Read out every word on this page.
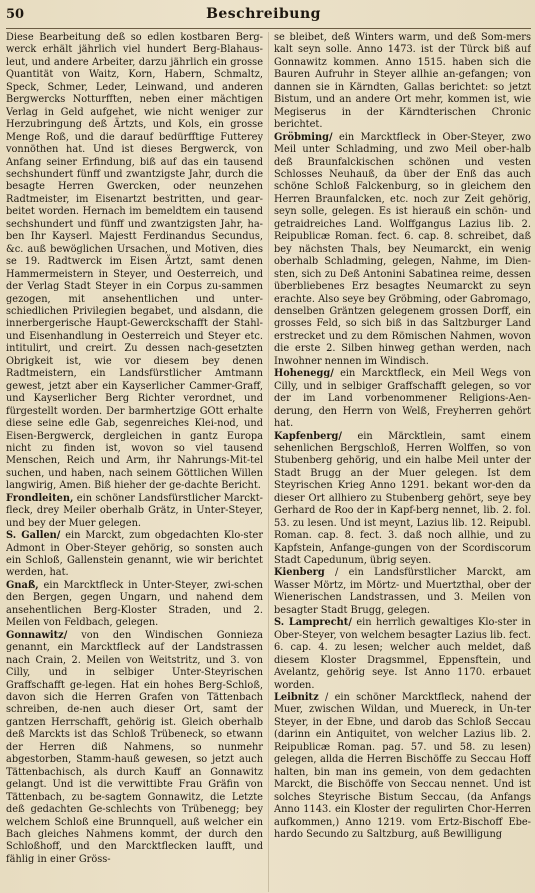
50	Beschreibung

Diese Bearbeitung deß so edlen kostbaren Berg-werck erhält jährlich viel hundert Berg-Blahaus-leut, und andere Arbeiter, darzu jährlich ein grosse Quantität von Waitz, Korn, Habern, Schmaltz, Speck, Schmer, Leder, Leinwand, und anderen Bergwercks Notturfften, neben einer mächtigen Verlag in Geld aufgehet, wie nicht weniger zur Herzubringung deß Ärtzts, und Kols, ein grosse Menge Roß, und die darauf bedürfftige Futterey vonnöthen hat. Und ist dieses Bergwerck, von Anfang seiner Erfindung, biß auf das ein tausend sechshundert fünff und zwantzigste Jahr, durch die besagte Herren Gwercken, oder neunzehen Radtmeister, im Eisenartzt bestritten, und gear-beitet worden. Hernach im bemeldtem ein tausend sechshundert und fünff und zwantzigsten Jahr, ha-ben Ihr Kayserl. Majestt Ferdinandus Secundus, &c. auß bewöglichen Ursachen, und Motiven, dies se 19. Radtwerck im Eisen Ärtzt, samt denen Hammermeistern in Steyer, und Oesterreich, und der Verlag Stadt Steyer in ein Corpus zu-sammen gezogen, mit ansehentlichen und unter-schiedlichen Privilegien begabet, und alsdann, die innerbergerische Haupt-Gewerckschafft der Stahl- und Eisenhandlung in Oesterreich und Steyer etc. intitulirt, und creirt. Zu dessen nach-gesetzten Obrigkeit ist, wie vor diesem bey denen Radtmeistern, ein Landsfürstlicher Amtmann gewest, jetzt aber ein Kayserlicher Cammer-Graff, und Kayserlicher Berg Richter verordnet, und fürgestellt worden. Der barmhertzige GOtt erhalte diese seine edle Gab, segenreiches Klei-nod, und Eisen-Bergwerck, dergleichen in gantz Europa nicht zu finden ist, wovon so viel tausend Menschen, Reich und Arm, ihr Nahrungs-Mit-tel suchen, und haben, nach seinem Göttlichen Willen langwirig, Amen. Biß hieher der ge-dachte Bericht.

Frondleiten, ein schöner Landsfürstlicher Marckt-fleck, drey Meiler oberhalb Grätz, in Unter-Steyer, und bey der Muer gelegen.

S. Gallen/ ein Marckt, zum obgedachten Klo-ster Admont in Ober-Steyer gehörig, so sonsten auch ein Schloß, Gallenstein genannt, wie wir berichtet werden, hat.

Gnaß, ein Marcktfleck in Unter-Steyer, zwi-schen den Bergen, gegen Ungarn, und nahend dem ansehentlichen Berg-Kloster Straden, und 2. Meilen von Feldbach, gelegen.

Gonnawitz/ von den Windischen Gonnieza genannt, ein Marcktfleck auf der Landstrassen nach Crain, 2. Meilen von Weitstritz, und 3. von Cilly, und in selbiger Unter-Steyrischen Graffschafft ge-legen. Hat ein hohes Berg-Schloß, davon sich die Herren Grafen von Tättenbach schreiben, de-nen auch dieser Ort, samt der gantzen Herrschafft, gehörig ist. Gleich oberhalb deß Marckts ist das Schloß Trübeneck, so etwann der Herren diß Nahmens, so nunmehr abgestorben, Stamm-hauß gewesen, so jetzt auch Tättenbachisch, als durch Kauff an Gonnawitz gelangt. Und ist die verwittibte Frau Gräfin von Tättenbach, zu be-sagtem Gonnawitz, die Letzte deß gedachten Ge-schlechts von Trübenegg; bey welchem Schloß eine Brunnquell, auß welcher ein Bach gleiches Nahmens kommt, der durch den Schloßhoff, und den Marcktflecken laufft, und fählig in einer Gröss-

se bleibet, deß Winters warm, und deß Som-mers kalt seyn solle. Anno 1473. ist der Türck biß auf Gonnawitz kommen. Anno 1515. haben sich die Bauren Aufruhr in Steyer allhie an-gefangen; von dannen sie in Kärndten, Gallas berichtet: so jetzt Bistum, und an andere Ort mehr, kommen ist, wie Megiserus in der Kärndterischen Chronic berichtet.

Gröbming/ ein Marcktfleck in Ober-Steyer, zwo Meil unter Schladming, und zwo Meil ober-halb deß Braunfalckischen schönen und vesten Schlosses Neuhauß, da über der Enß das auch schöne Schloß Falckenburg, so in gleichem den Herren Braunfalcken, etc. noch zur Zeit gehörig, seyn solle, gelegen. Es ist hierauß ein schön- und getraidreiches Land. Wolffgangus Lazius lib. 2. Reipublicæ Roman. fect. 6. cap. 8. schreibet, daß bey nächsten Thals, bey Neumarckt, ein wenig oberhalb Schladming, gelegen, Nahme, im Dien-sten, sich zu Deß Antonini Sabatinea reime, dessen überbliebenes Erz besagtes Neumarckt zu seyn erachte. Also seye bey Gröbming, oder Gabromago, denselben Gräntzen gelegenem grossen Dorff, ein grosses Feld, so sich biß in das Saltzburger Land erstrecket und zu dem Römischen Nahmen, wovon die erste 2. Silben hinweg gethan werden, nach Inwohner nennen im Windisch.

Hohenegg/ ein Marcktfleck, ein Meil Wegs von Cilly, und in selbiger Graffschafft gelegen, so vor der im Land vorbenommener Religions-Aen-derung, den Herrn von Welß, Freyherren gehört hat.

Kapfenberg/ ein Märcktlein, samt einem sehenlichen Bergschloß, Herren Wolffen, so von Stubenberg gehörig, und ein halbe Meil unter der Stadt Brugg an der Muer gelegen. Ist dem Steyrischen Krieg Anno 1291. bekant wor-den da dieser Ort allhiero zu Stubenberg gehört, seye bey Gerhard de Roo der in Kapf-berg nennet, lib. 2. fol. 53. zu lesen. Und ist meynt, Lazius lib. 12. Reipubl. Roman. cap. 8. fect. 3. daß noch allhie, und zu Kapfstein, Anfange-gungen von der Scordiscorum Stadt Capedunum, übrig seyen.

Kienberg / ein Landsfürstlicher Marckt, am Wasser Mörtz, im Mörtz- und Muertzthal, ober der Wienerischen Landstrassen, und 3. Meilen von besagter Stadt Brugg, gelegen.

S. Lamprecht/ ein herrlich gewaltiges Klo-ster in Ober-Steyer, von welchem besagter Lazius lib. fect. 6. cap. 4. zu lesen; welcher auch meldet, daß diesem Kloster Dragsmmel, Eppensftein, und Avelantz, gehörig seye. Ist Anno 1170. erbauet worden.

Leibnitz / ein schöner Marcktfleck, nahend der Muer, zwischen Wildan, und Muereck, in Un-ter Steyer, in der Ebne, und darob das Schloß Seccau (darinn ein Antiquitet, von welcher Lazius lib. 2. Reipublicæ Roman. pag. 57. und 58. zu lesen) gelegen, allda die Herren Bischöffe zu Seccau Hoff halten, bin man ins gemein, von dem gedachten Marckt, die Bischöffe von Seccau nennet. Und ist solches Steyrische Bistum Seccau, (da Anfangs Anno 1143. ein Kloster der regulirten Chor-Herren aufkommen,) Anno 1219. vom Ertz-Bischoff Ebe-hardo Secundo zu Saltzburg, auß Bewilligung
